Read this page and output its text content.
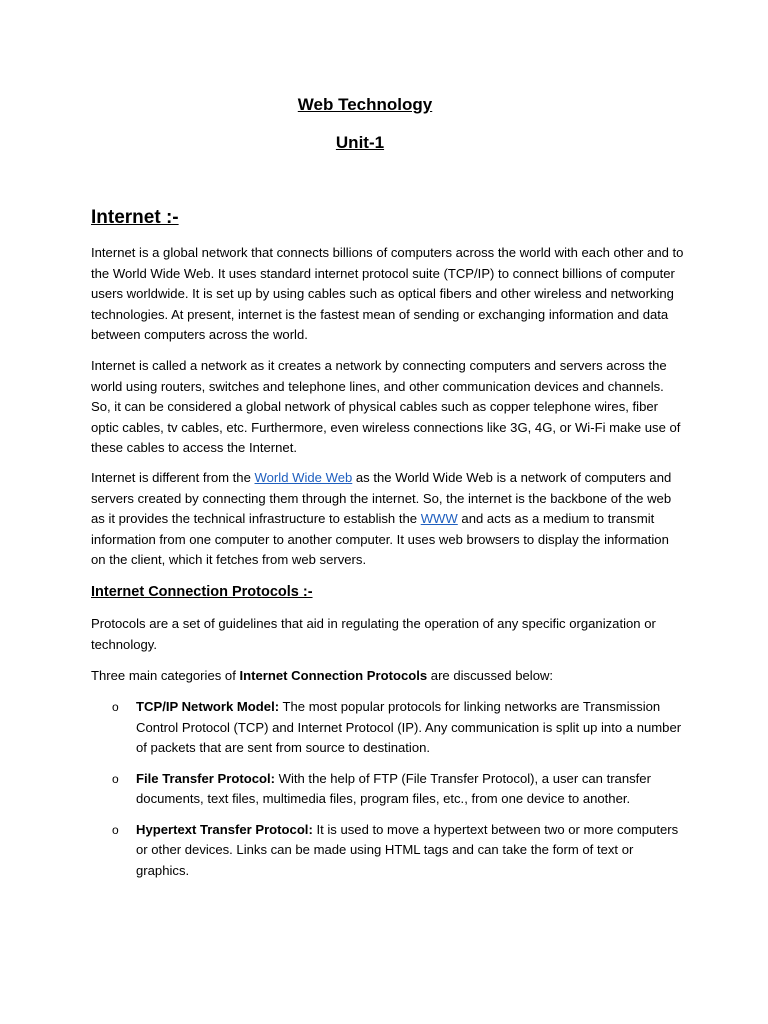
Web Technology
Unit-1
Internet :-

Internet is a global network that connects billions of computers across the world with each other and to the World Wide Web. It uses standard internet protocol suite (TCP/IP) to connect billions of computer users worldwide. It is set up by using cables such as optical fibers and other wireless and networking technologies. At present, internet is the fastest mean of sending or exchanging information and data between computers across the world.

Internet is called a network as it creates a network by connecting computers and servers across the world using routers, switches and telephone lines, and other communication devices and channels. So, it can be considered a global network of physical cables such as copper telephone wires, fiber optic cables, tv cables, etc. Furthermore, even wireless connections like 3G, 4G, or Wi-Fi make use of these cables to access the Internet.

Internet is different from the World Wide Web as the World Wide Web is a network of computers and servers created by connecting them through the internet. So, the internet is the backbone of the web as it provides the technical infrastructure to establish the WWW and acts as a medium to transmit information from one computer to another computer. It uses web browsers to display the information on the client, which it fetches from web servers.

Internet Connection Protocols :-

Protocols are a set of guidelines that aid in regulating the operation of any specific organization or technology.

Three main categories of Internet Connection Protocols are discussed below:

o TCP/IP Network Model: The most popular protocols for linking networks are Transmission Control Protocol (TCP) and Internet Protocol (IP). Any communication is split up into a number of packets that are sent from source to destination.
o File Transfer Protocol: With the help of FTP (File Transfer Protocol), a user can transfer documents, text files, multimedia files, program files, etc., from one device to another.
o Hypertext Transfer Protocol: It is used to move a hypertext between two or more computers or other devices. Links can be made using HTML tags and can take the form of text or graphics.
